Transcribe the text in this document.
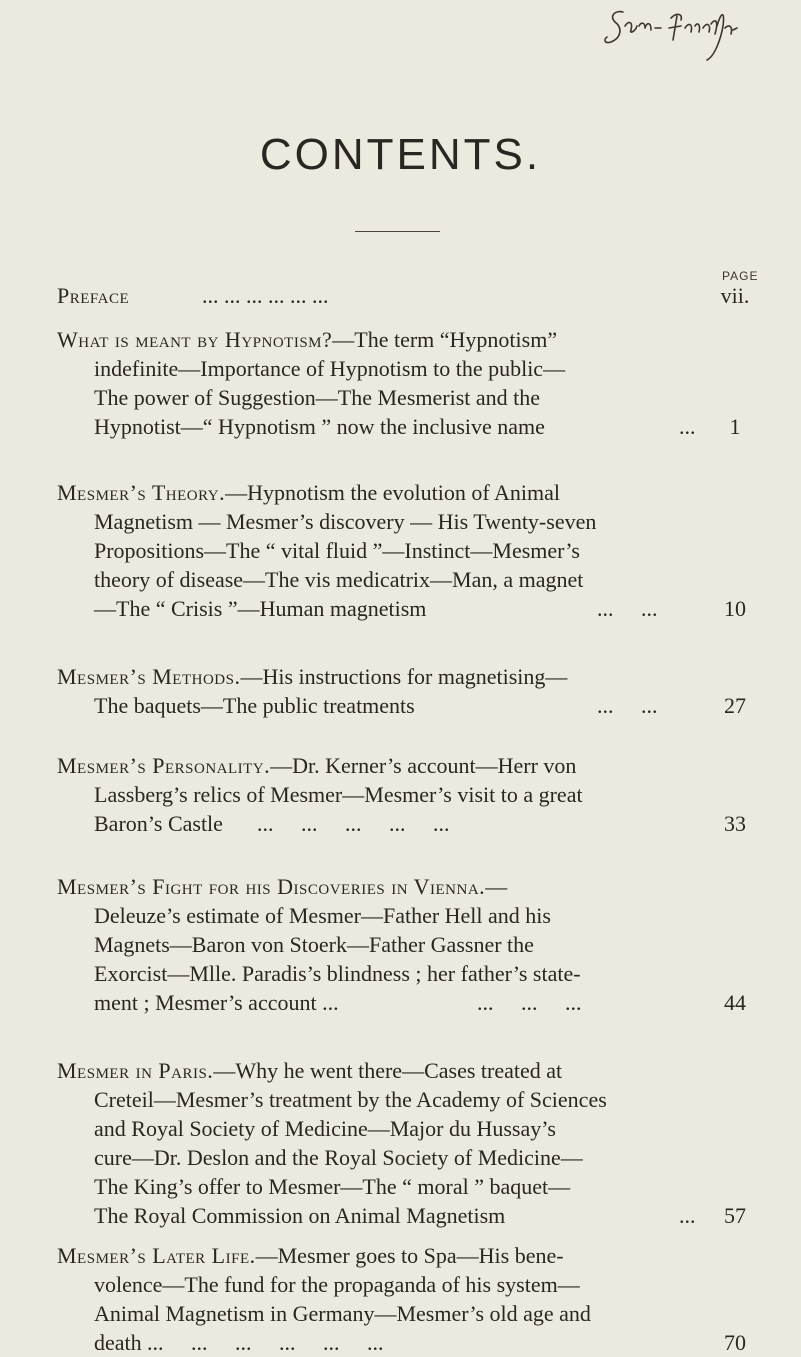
CONTENTS.
PAGE
Preface	... ... ... ... ... ...	vii.
What is meant by Hypnotism?—The term “Hypnotism”
indefinite—Importance of Hypnotism to the public—
The power of Suggestion—The Mesmerist and the
Hypnotist—“ Hypnotism ” now the inclusive name	...	1
Mesmer’s Theory.—Hypnotism the evolution of Animal
Magnetism — Mesmer’s discovery — His Twenty-seven
Propositions—The “ vital fluid ”—Instinct—Mesmer’s
theory of disease—The vis medicatrix—Man, a magnet
—The “ Crisis ”—Human magnetism	...     ...	10
Mesmer’s Methods.—His instructions for magnetising—
The baquets—The public treatments	...     ...	27
Mesmer’s Personality.—Dr. Kerner’s account—Herr von
Lassberg’s relics of Mesmer—Mesmer’s visit to a great
Baron’s Castle ...     ...     ...     ...     ...	33
Mesmer’s Fight for his Discoveries in Vienna.—
Deleuze’s estimate of Mesmer—Father Hell and his
Magnets—Baron von Stoerk—Father Gassner the
Exorcist—Mlle. Paradis’s blindness ; her father’s state-
ment ; Mesmer’s account ...	...     ...     ...	44
Mesmer in Paris.—Why he went there—Cases treated at
Creteil—Mesmer’s treatment by the Academy of Sciences
and Royal Society of Medicine—Major du Hussay’s
cure—Dr. Deslon and the Royal Society of Medicine—
The King’s offer to Mesmer—The “ moral ” baquet—
The Royal Commission on Animal Magnetism	...	57
Mesmer’s Later Life.—Mesmer goes to Spa—His bene-
volence—The fund for the propaganda of his system—
Animal Magnetism in Germany—Mesmer’s old age and
death ...     ...     ...     ...     ...     ...	70
